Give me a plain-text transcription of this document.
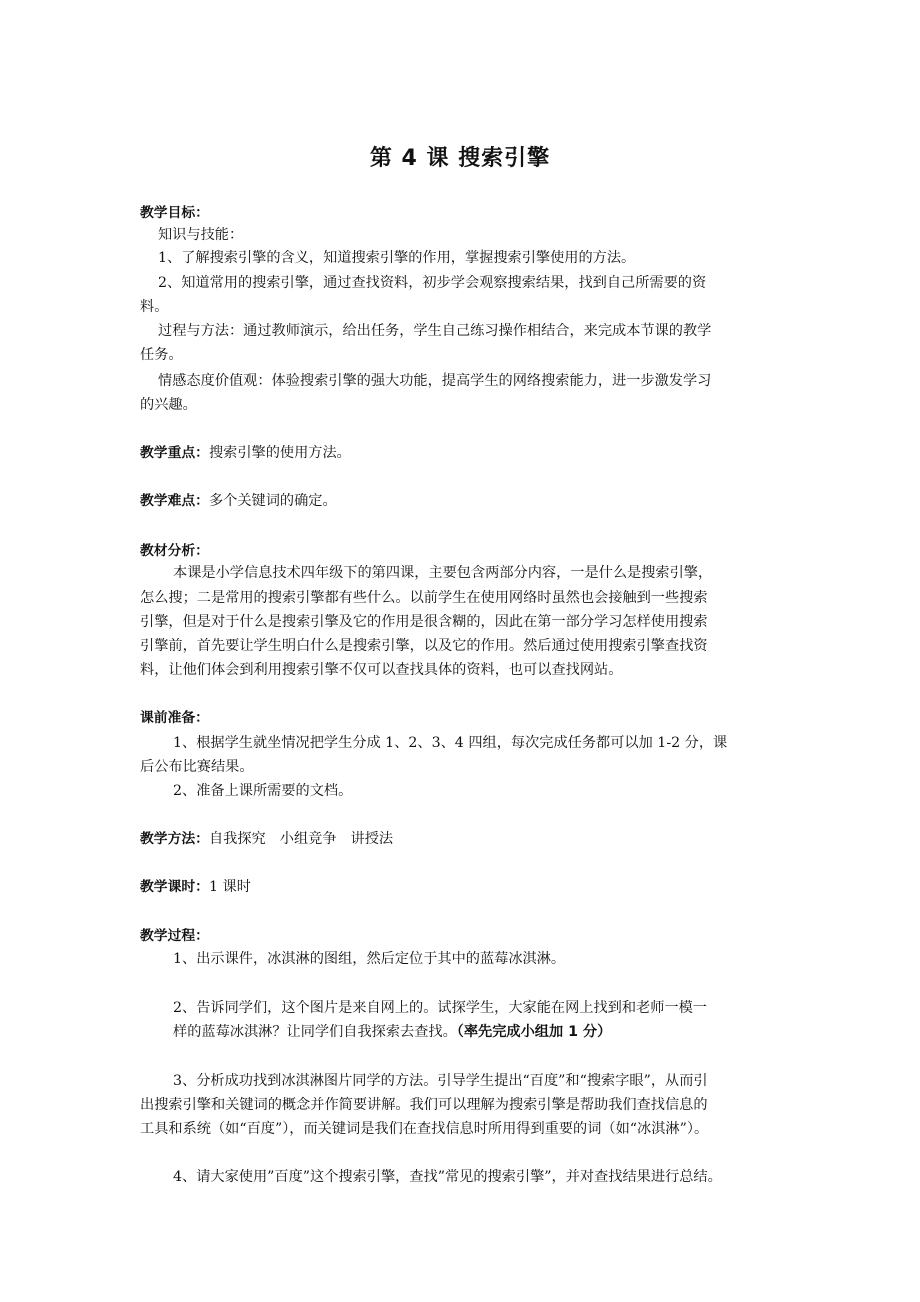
第 4 课 搜索引擎
教学目标：
知识与技能：
1、了解搜索引擎的含义，知道搜索引擎的作用，掌握搜索引擎使用的方法。
2、知道常用的搜索引擎，通过查找资料，初步学会观察搜索结果，找到自己所需要的资
料。
过程与方法：通过教师演示，给出任务，学生自己练习操作相结合，来完成本节课的教学
任务。
情感态度价值观：体验搜索引擎的强大功能，提高学生的网络搜索能力，进一步激发学习
的兴趣。
教学重点：搜索引擎的使用方法。
教学难点：多个关键词的确定。
教材分析：
本课是小学信息技术四年级下的第四课，主要包含两部分内容，一是什么是搜索引擎，
怎么搜；二是常用的搜索引擎都有些什么。以前学生在使用网络时虽然也会接触到一些搜索
引擎，但是对于什么是搜索引擎及它的作用是很含糊的，因此在第一部分学习怎样使用搜索
引擎前，首先要让学生明白什么是搜索引擎，以及它的作用。然后通过使用搜索引擎查找资
料，让他们体会到利用搜索引擎不仅可以查找具体的资料，也可以查找网站。
课前准备：
1、根据学生就坐情况把学生分成 1、2、3、4 四组，每次完成任务都可以加 1-2 分，课
后公布比赛结果。
2、准备上课所需要的文档。
教学方法：自我探究 小组竞争 讲授法
教学课时：1 课时
教学过程：
1、出示课件，冰淇淋的图组，然后定位于其中的蓝莓冰淇淋。
2、告诉同学们，这个图片是来自网上的。试探学生，大家能在网上找到和老师一模一
样的蓝莓冰淇淋？让同学们自我探索去查找。（率先完成小组加 1 分）
3、分析成功找到冰淇淋图片同学的方法。引导学生提出“百度”和“搜索字眼”，从而引
出搜索引擎和关键词的概念并作简要讲解。我们可以理解为搜索引擎是帮助我们查找信息的
工具和系统（如“百度”），而关键词是我们在查找信息时所用得到重要的词（如“冰淇淋”）。
4、请大家使用”百度”这个搜索引擎，查找”常见的搜索引擎”，并对查找结果进行总结。
